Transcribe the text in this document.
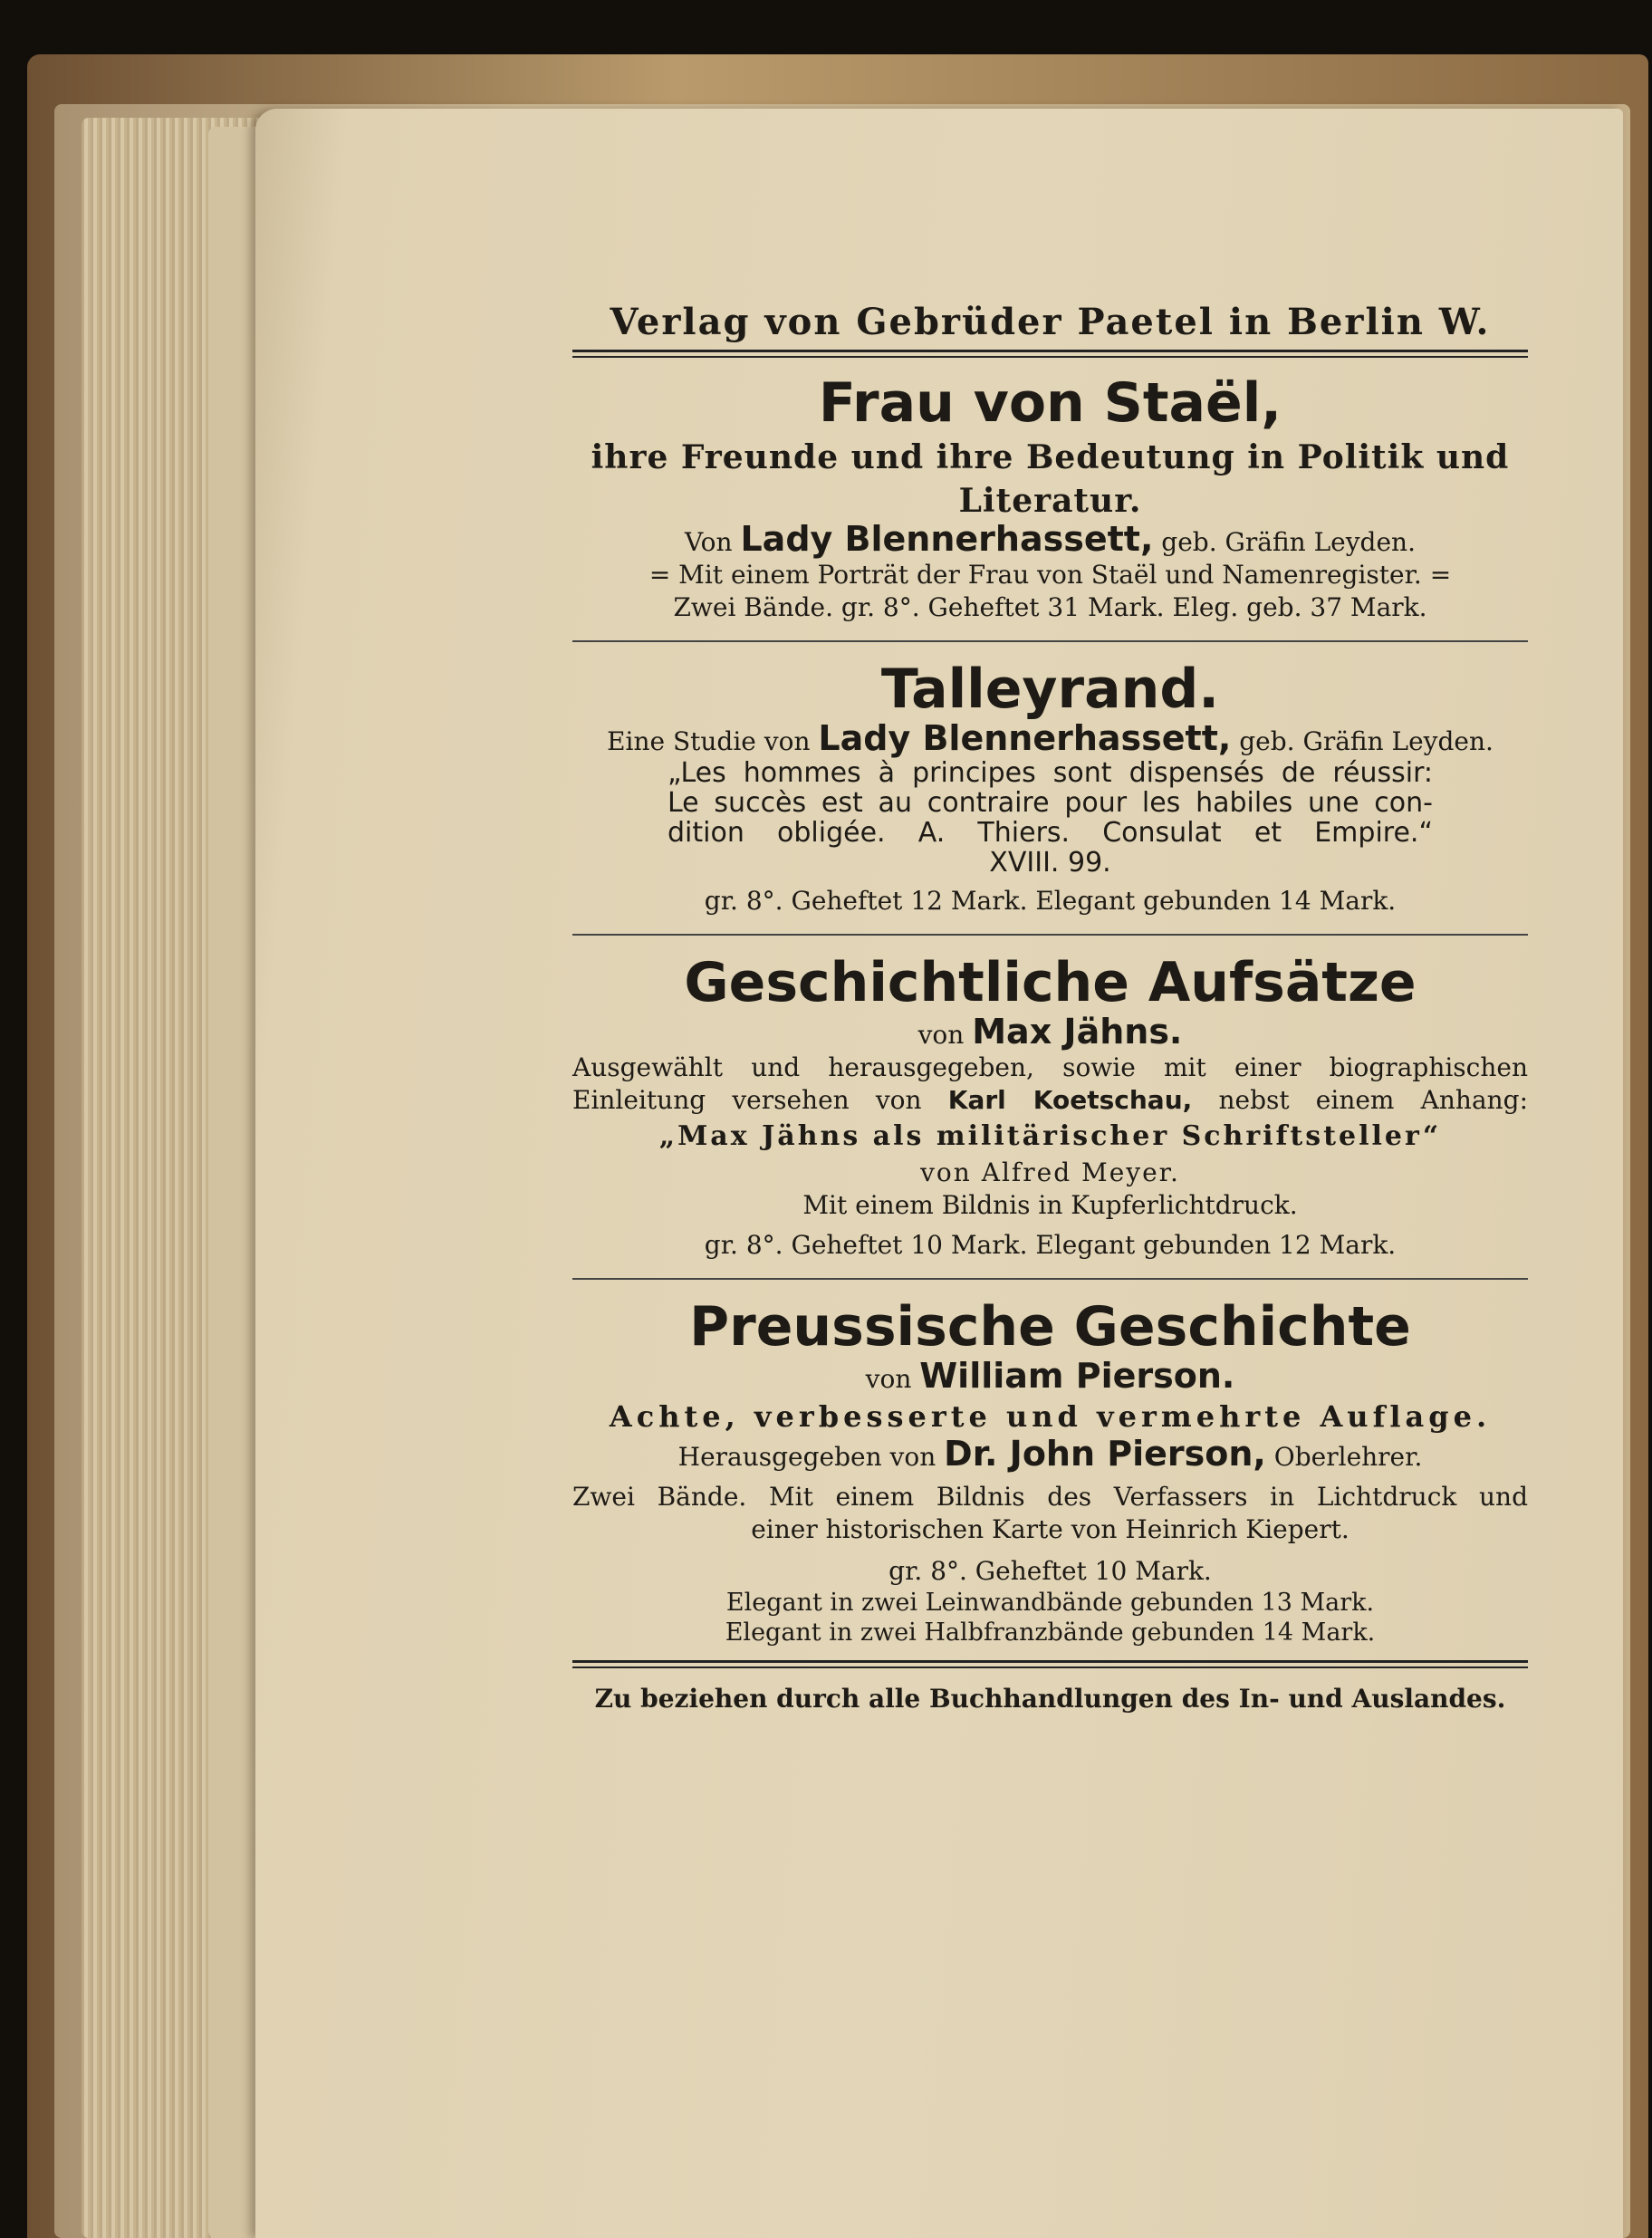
Verlag von Gebrüder Paetel in Berlin W.
Frau von Staël,
ihre Freunde und ihre Bedeutung in Politik und Literatur.
Von Lady Blennerhassett, geb. Gräfin Leyden.
= Mit einem Porträt der Frau von Staël und Namenregister. =
Zwei Bände. gr. 8°. Geheftet 31 Mark. Eleg. geb. 37 Mark.
Talleyrand.
Eine Studie von Lady Blennerhassett, geb. Gräfin Leyden.
„Les hommes à principes sont dispensés de réussir:
Le succès est au contraire pour les habiles une con-
dition obligée. A. Thiers. Consulat et Empire.“
XVIII. 99.
gr. 8°. Geheftet 12 Mark. Elegant gebunden 14 Mark.
Geschichtliche Aufsätze
von Max Jähns.
Ausgewählt und herausgegeben, sowie mit einer biographischen
Einleitung versehen von Karl Koetschau, nebst einem Anhang:
„Max Jähns als militärischer Schriftsteller“
von Alfred Meyer.
Mit einem Bildnis in Kupferlichtdruck.
gr. 8°. Geheftet 10 Mark. Elegant gebunden 12 Mark.
Preussische Geschichte
von William Pierson.
Achte, verbesserte und vermehrte Auflage.
Herausgegeben von Dr. John Pierson, Oberlehrer.
Zwei Bände. Mit einem Bildnis des Verfassers in Lichtdruck und
einer historischen Karte von Heinrich Kiepert.
gr. 8°. Geheftet 10 Mark.
Elegant in zwei Leinwandbände gebunden 13 Mark.
Elegant in zwei Halbfranzbände gebunden 14 Mark.
Zu beziehen durch alle Buchhandlungen des In- und Auslandes.
